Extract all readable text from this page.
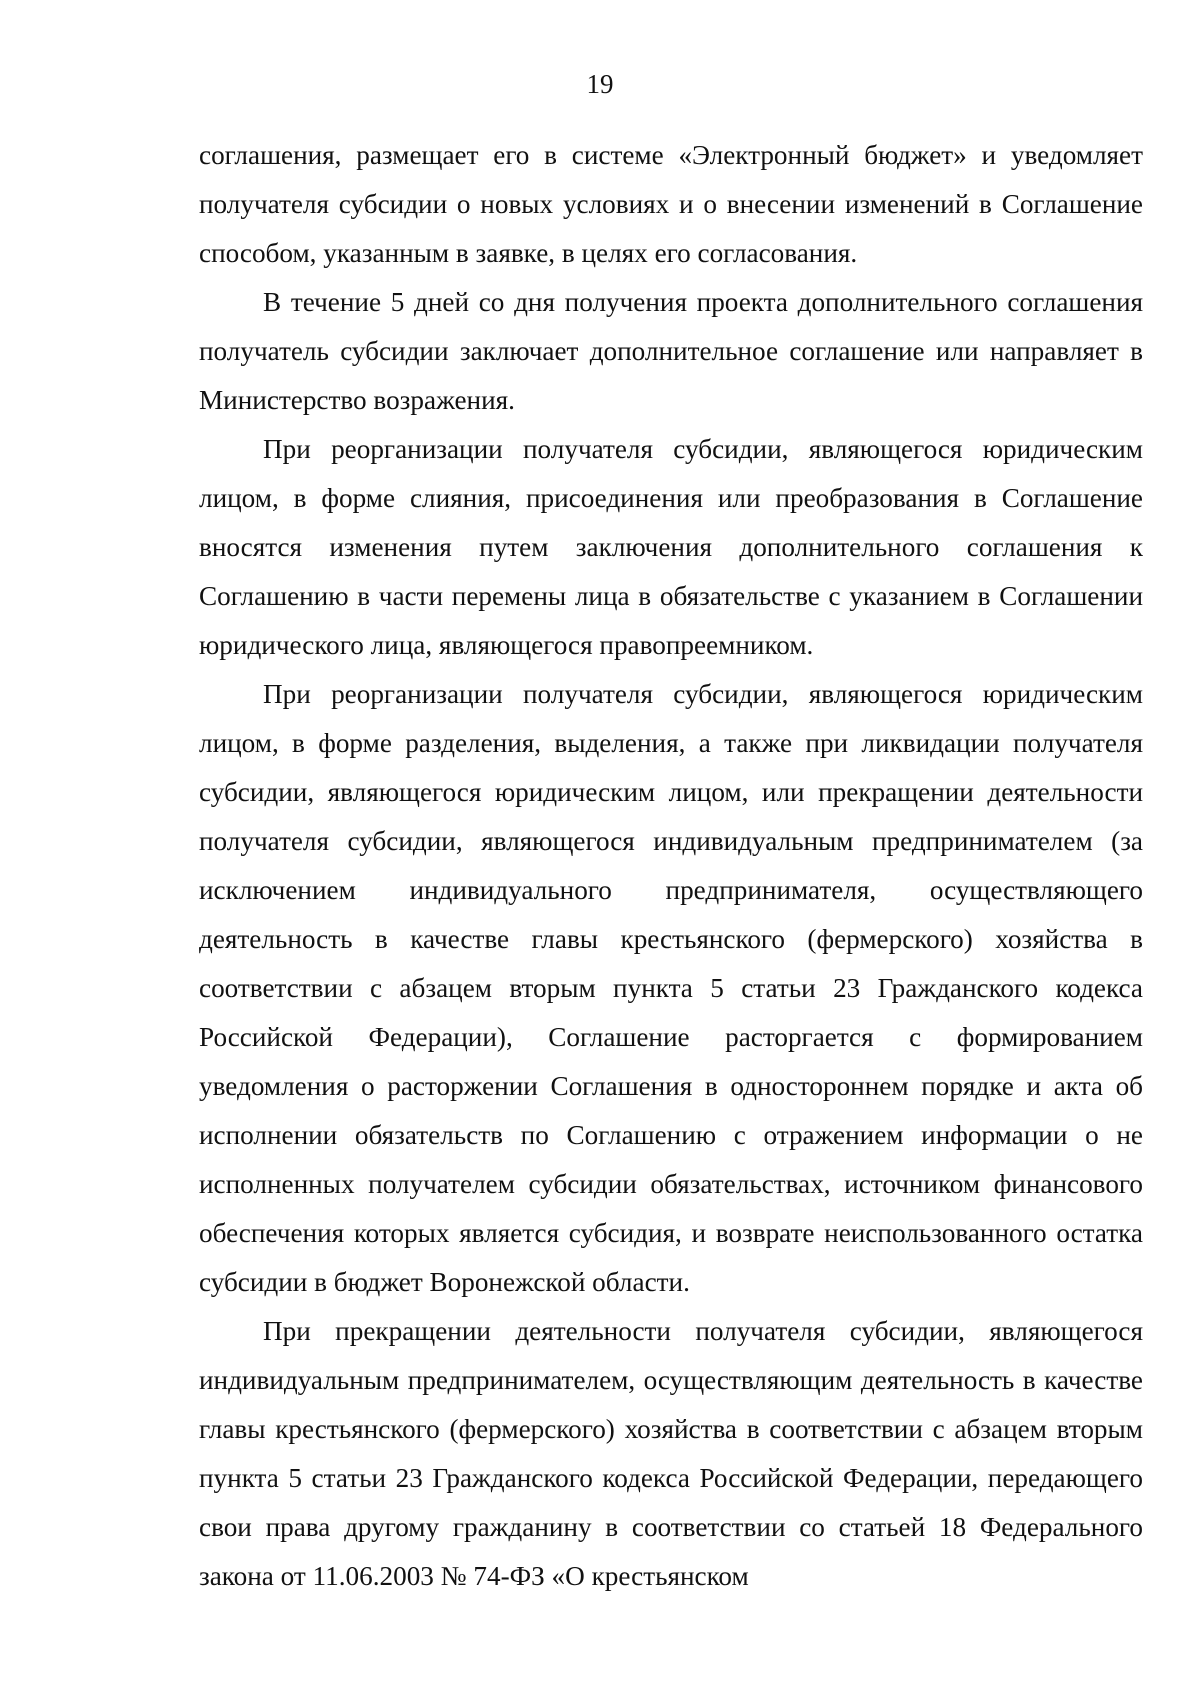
19

соглашения, размещает его в системе «Электронный бюджет» и уведомляет получателя субсидии о новых условиях и о внесении изменений в Соглашение способом, указанным в заявке, в целях его согласования.

В течение 5 дней со дня получения проекта дополнительного соглашения получатель субсидии заключает дополнительное соглашение или направляет в Министерство возражения.

При реорганизации получателя субсидии, являющегося юридическим лицом, в форме слияния, присоединения или преобразования в Соглашение вносятся изменения путем заключения дополнительного соглашения к Соглашению в части перемены лица в обязательстве с указанием в Соглашении юридического лица, являющегося правопреемником.

При реорганизации получателя субсидии, являющегося юридическим лицом, в форме разделения, выделения, а также при ликвидации получателя субсидии, являющегося юридическим лицом, или прекращении деятельности получателя субсидии, являющегося индивидуальным предпринимателем (за исключением индивидуального предпринимателя, осуществляющего деятельность в качестве главы крестьянского (фермерского) хозяйства в соответствии с абзацем вторым пункта 5 статьи 23 Гражданского кодекса Российской Федерации), Соглашение расторгается с формированием уведомления о расторжении Соглашения в одностороннем порядке и акта об исполнении обязательств по Соглашению с отражением информации о не исполненных получателем субсидии обязательствах, источником финансового обеспечения которых является субсидия, и возврате неиспользованного остатка субсидии в бюджет Воронежской области.

При прекращении деятельности получателя субсидии, являющегося индивидуальным предпринимателем, осуществляющим деятельность в качестве главы крестьянского (фермерского) хозяйства в соответствии с абзацем вторым пункта 5 статьи 23 Гражданского кодекса Российской Федерации, передающего свои права другому гражданину в соответствии со статьей 18 Федерального закона от 11.06.2003 № 74-ФЗ «О крестьянском
